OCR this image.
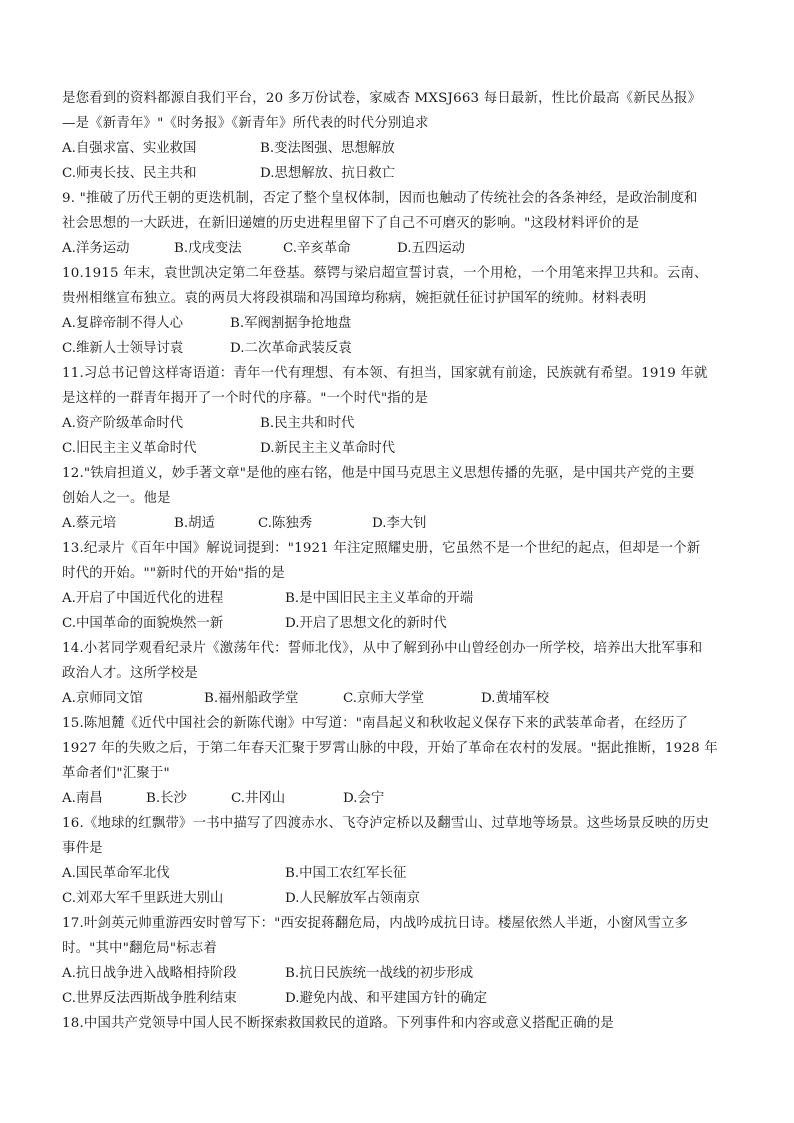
是您看到的资料都源自我们平台，20 多万份试卷，家威杏 MXSJ663 每日最新，性比价最高《新民丛报》
—是《新青年》"《时务报》《新青年》所代表的时代分别追求
A.自强求富、实业救国	B.变法图强、思想解放
C.师夷长技、民主共和	D.思想解放、抗日救亡
9. "推破了历代王朝的更迭机制，否定了整个皇权体制，因而也触动了传统社会的各条神经，是政治制度和
社会思想的一大跃进，在新旧递嬗的历史进程里留下了自己不可磨灭的影响。"这段材料评价的是
A.洋务运动	B.戊戌变法	C.辛亥革命	D.五四运动
10.1915 年末，袁世凯决定第二年登基。蔡锷与梁启超宣誓讨袁，一个用枪，一个用笔来捍卫共和。云南、
贵州相继宣布独立。袁的两员大将段祺瑞和冯国璋均称病，婉拒就任征讨护国军的统帅。材料表明
A.复辟帝制不得人心	B.军阀割据争抢地盘
C.维新人士领导讨袁	D.二次革命武装反袁
11.习总书记曾这样寄语道：青年一代有理想、有本领、有担当，国家就有前途，民族就有希望。1919 年就
是这样的一群青年揭开了一个时代的序幕。"一个时代"指的是
A.资产阶级革命时代	B.民主共和时代
C.旧民主主义革命时代	D.新民主主义革命时代
12."铁肩担道义，妙手著文章"是他的座右铭，他是中国马克思主义思想传播的先驱，是中国共产党的主要
创始人之一。他是
A.蔡元培	B.胡适	C.陈独秀	D.李大钊
13.纪录片《百年中国》解说词提到："1921 年注定照耀史册，它虽然不是一个世纪的起点，但却是一个新
时代的开始。""新时代的开始"指的是
A.开启了中国近代化的进程	B.是中国旧民主主义革命的开端
C.中国革命的面貌焕然一新	D.开启了思想文化的新时代
14.小茗同学观看纪录片《激荡年代：誓师北伐》，从中了解到孙中山曾经创办一所学校，培养出大批军事和
政治人才。这所学校是
A.京师同文馆	B.福州船政学堂	C.京师大学堂	D.黄埔军校
15.陈旭麓《近代中国社会的新陈代谢》中写道："南昌起义和秋收起义保存下来的武装革命者，在经历了
1927 年的失败之后，于第二年春天汇聚于罗霄山脉的中段，开始了革命在农村的发展。"据此推断，1928 年
革命者们"汇聚于"
A.南昌	B.长沙	C.井冈山	D.会宁
16.《地球的红飘带》一书中描写了四渡赤水、飞夺泸定桥以及翻雪山、过草地等场景。这些场景反映的历史
事件是
A.国民革命军北伐	B.中国工农红军长征
C.刘邓大军千里跃进大别山	D.人民解放军占领南京
17.叶剑英元帅重游西安时曾写下："西安捉蒋翻危局，内战吟成抗日诗。楼屋依然人半逝，小窗风雪立多
时。"其中"翻危局"标志着
A.抗日战争进入战略相持阶段	B.抗日民族统一战线的初步形成
C.世界反法西斯战争胜利结束	D.避免内战、和平建国方针的确定
18.中国共产党领导中国人民不断探索救国救民的道路。下列事件和内容或意义搭配正确的是
